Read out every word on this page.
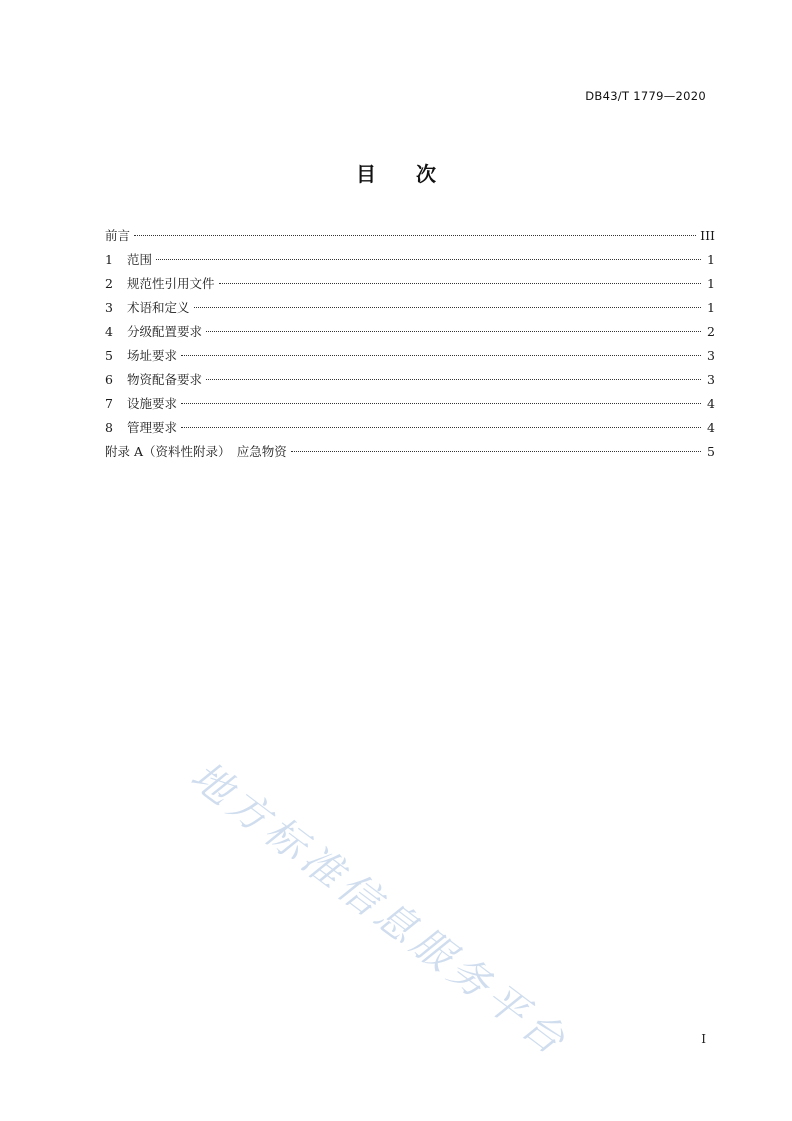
DB43/T 1779—2020
目 次
前言	III
1	范围	1
2	规范性引用文件	1
3	术语和定义	1
4	分级配置要求	2
5	场址要求	3
6	物资配备要求	3
7	设施要求	4
8	管理要求	4
附录 A（资料性附录）　应急物资	5
地方标准信息服务平台	I
